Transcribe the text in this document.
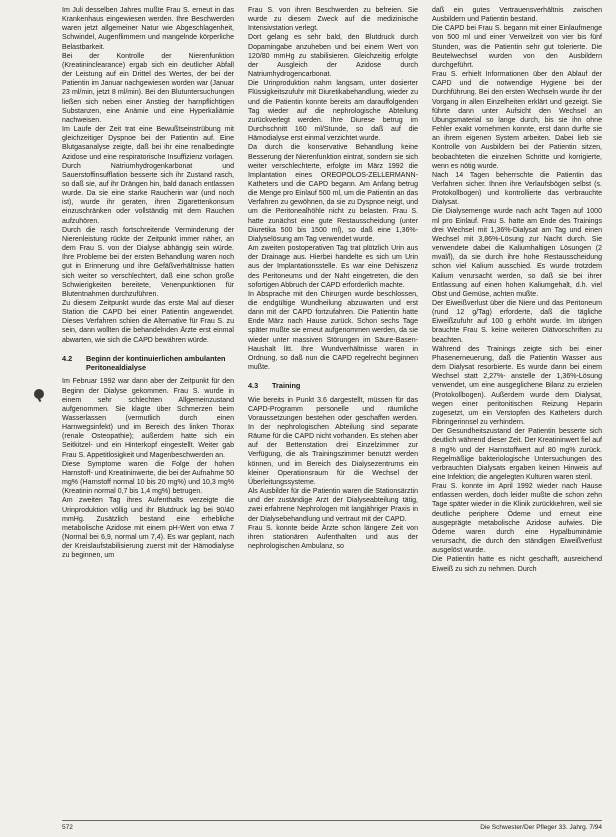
Im Juli desselben Jahres mußte Frau S. erneut in das Krankenhaus eingewiesen werden. Ihre Beschwerden waren jetzt allgemeiner Natur wie Abgeschlagenheit, Schwindel, Augenflimmern und mangelnde körperliche Belastbarkeit.

Bei der Kontrolle der Nierenfunktion (Kreatininclearance) ergab sich ein deutlicher Abfall der Leistung auf ein Drittel des Wertes, der bei der Patientin im Januar nachgewiesen worden war (Januar 23 ml/min, jetzt 8 ml/min). Bei den Blutuntersuchungen ließen sich neben einer Anstieg der harnpflichtigen Substanzen, eine Anämie und eine Hyperkaliämie nachweisen.

Im Laufe der Zeit trat eine Bewußtseinstrübung mit gleichzeitiger Dyspnoe bei der Patientin auf. Eine Blutgasanalyse zeigte, daß bei ihr eine renalbedingte Azidose und eine respiratorische Insuffizienz vorlagen. Durch Natriumhydrogenkarbonat und Sauerstoffinsufflation besserte sich ihr Zustand rasch, so daß sie, auf ihr Drängen hin, bald danach entlassen wurde. Da sie eine starke Raucherin war (und noch ist), wurde ihr geraten, ihren Zigarettenkonsum einzuschränken oder vollständig mit dem Rauchen aufzuhören.

Durch die rasch fortschreitende Verminderung der Nierenleistung rückte der Zeitpunkt immer näher, an dem Frau S. von der Dialyse abhängig sein würde. Ihre Probleme bei der ersten Behandlung waren noch gut in Erinnerung und ihre Gefäßverhältnisse hatten sich weiter so verschlechtert, daß eine schon große Schwierigkeiten bereitete, Venenpunktionen für Blutentnahmen durchzuführen.

Zu diesem Zeitpunkt wurde das erste Mal auf dieser Station die CAPD bei einer Patientin angewendet. Dieses Verfahren schien die Alternative für Frau S. zu sein, dann wollten die behandelnden Ärzte erst einmal abwarten, wie sich die CAPD bewähren würde.

4.2	Beginn der kontinuierlichen ambulanten Peritonealdialyse

Im Februar 1992 war dann aber der Zeitpunkt für den Beginn der Dialyse gekommen. Frau S. wurde in einem sehr schlechten Allgemeinzustand aufgenommen. Sie klagte über Schmerzen beim Wasserlassen (vermutlich durch einen Harnwegsinfekt) und im Bereich des linken Thorax (renale Osteopathie); außerdem hatte sich ein Seitkitzel- und ein Hinterkopf eingestellt. Weiter gab Frau S. Appetitlosigkeit und Magenbeschwerden an.

Diese Symptome waren die Folge der hohen Harnstoff- und Kreatininwerte, die bei der Aufnahme 50 mg% (Harnstoff normal 10 bis 20 mg%) und 10,3 mg% (Kreatinin normal 0,7 bis 1,4 mg%) betrugen.

Am zweiten Tag ihres Aufenthalts verzeigte die Urinproduktion völlig und ihr Blutdruck lag bei 90/40 mmHg. Zusätzlich bestand eine erhebliche metabolische Azidose mit einem pH-Wert von etwa 7 (Normal bei 6,9, normal um 7,4). Es war geplant, nach der Kreislaufstabilisierung zuerst mit der Hämodialyse zu beginnen, um

Frau S. von ihren Beschwerden zu befreien. Sie wurde zu diesem Zweck auf die medizinische Intensivstation verlegt.

Dort gelang es sehr bald, den Blutdruck durch Dopamingabe anzuheben und bei einem Wert von 120/80 mmHg zu stabilisieren. Gleichzeitig erfolgte der Ausgleich der Azidose durch Natriumhydrogencarbonat.

Die Urinproduktion nahm langsam, unter dosierter Flüssigkeitszufuhr mit Diuretikabehandlung, wieder zu und die Patientin konnte bereits am darauffolgenden Tag wieder auf die nephrologische Abteilung zurückverlegt werden. Ihre Diurese betrug im Durchschnitt 160 ml/Stunde, so daß auf die Hämodialyse erst einmal verzichtet wurde.

Da durch die konservative Behandlung keine Besserung der Nierenfunktion eintrat, sondern sie sich weiter verschlechterte, erfolgte im März 1992 die Implantation eines OREOPOLOS-ZELLERMANN-Katheters und die CAPD begann. Am Anfang betrug die Menge pro Einlauf 500 ml, um die Patientin an das Verfahren zu gewöhnen, da sie zu Dyspnoe neigt, und um die Peritonealhöhle nicht zu belasten. Frau S. hatte zunächst eine gute Restausscheidung (unter Diuretika 500 bis 1500 ml), so daß eine 1,36%-Dialyselösung am Tag verwendet wurde.

Am zweiten postoperativen Tag trat plötzlich Urin aus der Drainage aus. Hierbei handelte es sich um Urin aus der Implantationsstelle. Es war eine Dehiszenz des Peritoneums und der Naht eingetreten, die den sofortigen Abbruch der CAPD erforderlich machte.

In Absprache mit den Chirurgen wurde beschlossen, die endgültige Wundheilung abzuwarten und erst dann mit der CAPD fortzufahren. Die Patientin hatte Ende März nach Hause zurück. Schon sechs Tage später mußte sie erneut aufgenommen werden, da sie wieder unter massiven Störungen im Säure-Basen-Haushalt litt. Ihre Wundverhältnisse waren in Ordnung, so daß nun die CAPD regelrecht beginnen mußte.

4.3	Training

Wie bereits in Punkt 3.6 dargestellt, müssen für das CAPD-Programm personelle und räumliche Voraussetzungen bestehen oder geschaffen werden. In der nephrologischen Abteilung sind separate Räume für die CAPD nicht vorhanden. Es stehen aber auf der Bettenstation drei Einzelzimmer zur Verfügung, die als Trainingszimmer benutzt werden können, und im Bereich des Dialysezentrums ein kleiner Operationsraum für die Wechsel der Überleitungssysteme.

Als Ausbilder für die Patientin waren die Stationsärztin und der zuständige Arzt der Dialyseabteilung tätig, zwei erfahrene Nephrologen mit langjähriger Praxis in der Dialysebehandlung und vertraut mit der CAPD.

Frau S. konnte beide Ärzte schon längere Zeit von ihren stationären Aufenthalten und aus der nephrologischen Ambulanz, so

daß ein gutes Vertrauensverhältnis zwischen Ausbildern und Patientin bestand.

Die CAPD bei Frau S. begann mit einer Einlaufmenge von 500 ml und einer Verweilzeit von vier bis fünf Stunden, was die Patientin sehr gut tolerierte. Die Beutelwechsel wurden von den Ausbildern durchgeführt.

Frau S. erhielt Informationen über den Ablauf der CAPD und die notwendige Hygiene bei der Durchführung. Bei den ersten Wechseln wurde ihr der Vorgang in allen Einzelheiten erklärt und gezeigt. Sie führte dann unter Aufsicht den Wechsel an Übungsmaterial so lange durch, bis sie ihn ohne Fehler exakt vornehmen konnte, erst dann durfte sie an ihrem eigenen System arbeiten. Dabei lieb sie Kontrolle von Ausbildern bei der Patientin sitzen, beobachteten die einzelnen Schritte und korrigierte, wenn es nötig wurde.

Nach 14 Tagen beherrschte die Patientin das Verfahren sicher. Ihnen ihre Verlaufsbögen selbst (s. Protokollbogen) und kontrollierte das verbrauchte Dialysat.

Die Dialysemenge wurde nach acht Tagen auf 1000 ml pro Einlauf. Frau S. hatte am Ende des Trainings drei Wechsel mit 1,36%-Dialysat am Tag und einen Wechsel mit 3,86%-Lösung zur Nacht durch. Sie verwendete dabei die Kaliumhaltigen Lösungen (2 mval/l), da sie durch ihre hohe Restausscheidung schon viel Kalium ausschied. Es wurde trotzdem Kalium verursacht werden, so daß sie bei ihrer Entlassung auf einen hohen Kaliumgehalt, d.h. viel Obst und Gemüse, achten mußte.

Der Eiweißverlust über die Niere und das Peritoneum (rund 12 g/Tag) erforderte, daß die tägliche Eiweißzufuhr auf 100 g erhöht wurde. Im übrigen brauchte Frau S. keine weiteren Diätvorschriften zu beachten.

Während des Trainings zeigte sich bei einer Phasenerneuerung, daß die Patientin Wasser aus dem Dialysat resorbierte. Es wurde dann bei einem Wechsel statt 2,27%- anstelle der 1,36%-Lösung verwendet, um eine ausgeglichene Bilanz zu erzielen (Protokollbogen). Außerdem wurde dem Dialysat, wegen einer peritonitischen Reizung Heparin zugesetzt, um ein Verstopfen des Katheters durch Fibringerinnsel zu verhindern.

Der Gesundheitszustand der Patientin besserte sich deutlich während dieser Zeit. Der Kreatininwert fiel auf 8 mg% und der Harnstoffwert auf 80 mg% zurück. Regelmäßige bakteriologische Untersuchungen des verbrauchten Dialysats ergaben keinen Hinweis auf eine Infektion; die angelegten Kulturen waren steril.

Frau S. konnte im April 1992 wieder nach Hause entlassen werden, doch leider mußte die schon zehn Tage später wieder in die Klinik zurückkehren, weil sie deutliche periphere Ödeme und erneut eine ausgeprägte metabolische Azidose aufwies. Die Ödeme waren durch eine Hypalbuminämie verursacht, die durch den ständigen Eiweißverlust ausgelöst wurde.

Die Patientin hatte es nicht geschafft, ausreichend Eiweiß zu sich zu nehmen. Durch

572	Die Schwester/Der Pfleger 33. Jahrg. 7/94
